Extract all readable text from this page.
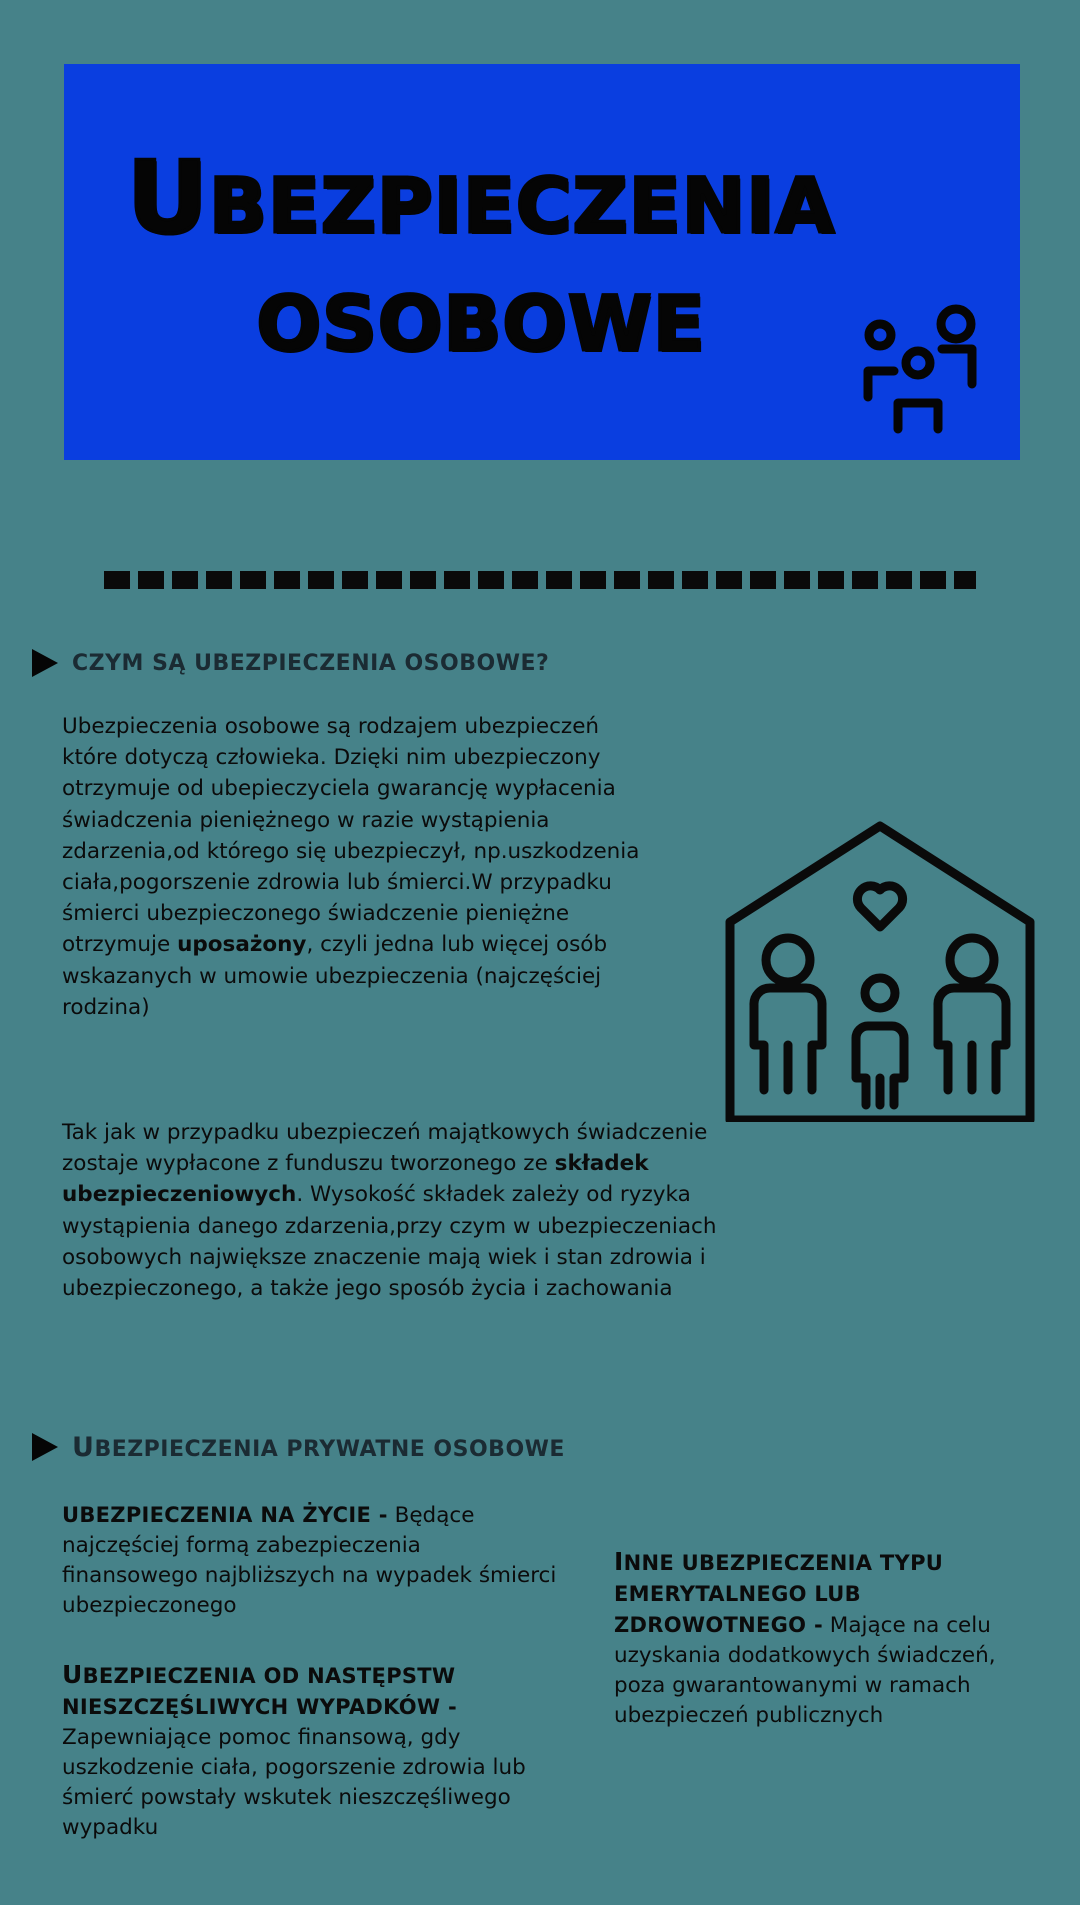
UBEZPIECZENIA
OSOBOWE
CZYM SĄ UBEZPIECZENIA OSOBOWE?

Ubezpieczenia osobowe są rodzajem ubezpieczeń które dotyczą człowieka. Dzięki nim ubezpieczony otrzymuje od ubepieczyciela gwarancję wypłacenia świadczenia pieniężnego w razie wystąpienia zdarzenia,od którego się ubezpieczył, np.uszkodzenia ciała,pogorszenie zdrowia lub śmierci.W przypadku śmierci ubezpieczonego świadczenie pieniężne otrzymuje uposażony, czyli jedna lub więcej osób wskazanych w umowie ubezpieczenia (najczęściej rodzina)

Tak jak w przypadku ubezpieczeń majątkowych świadczenie zostaje wypłacone z funduszu tworzonego ze składek ubezpieczeniowych. Wysokość składek zależy od ryzyka wystąpienia danego zdarzenia,przy czym w ubezpieczeniach osobowych największe znaczenie mają wiek i stan zdrowia i ubezpieczonego, a także jego sposób życia i zachowania

UBEZPIECZENIA PRYWATNE OSOBOWE

UBEZPIECZENIA NA ŻYCIE - Będące najczęściej formą zabezpieczenia finansowego najbliższych na wypadek śmierci ubezpieczonego

UBEZPIECZENIA OD NASTĘPSTW NIESZCZĘŚLIWYCH WYPADKÓW - Zapewniające pomoc finansową, gdy uszkodzenie ciała, pogorszenie zdrowia lub śmierć powstały wskutek nieszczęśliwego wypadku

INNE UBEZPIECZENIA TYPU EMERYTALNEGO LUB ZDROWOTNEGO - Mające na celu uzyskania dodatkowych świadczeń, poza gwarantowanymi w ramach ubezpieczeń publicznych
